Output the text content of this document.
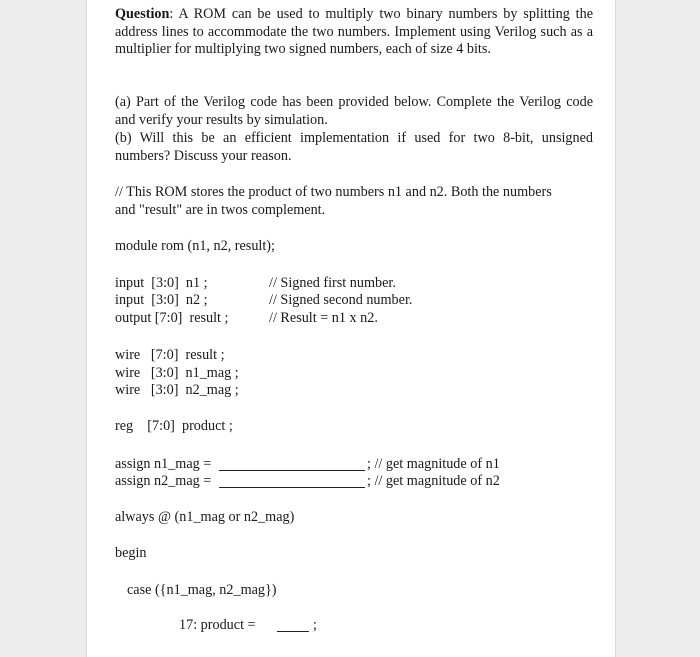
Question: A ROM can be used to multiply two binary numbers by splitting the address lines to accommodate the two numbers. Implement using Verilog such as a multiplier for multiplying two signed numbers, each of size 4 bits.
(a) Part of the Verilog code has been provided below. Complete the Verilog code and verify your results by simulation.
(b) Will this be an efficient implementation if used for two 8-bit, unsigned numbers? Discuss your reason.
// This ROM stores the product of two numbers n1 and n2. Both the numbers
and "result" are in twos complement.
module rom (n1, n2, result);
input  [3:0]  n1 ;	// Signed first number.
input  [3:0]  n2 ;	// Signed second number.
output [7:0]  result ;	// Result = n1 x n2.
wire   [7:0]  result ;
wire   [3:0]  n1_mag ;
wire   [3:0]  n2_mag ;
reg    [7:0]  product ;
assign n1_mag =	; // get magnitude of n1
assign n2_mag =	; // get magnitude of n2
always @ (n1_mag or n2_mag)
begin
case ({n1_mag, n2_mag})
17: product =	;
